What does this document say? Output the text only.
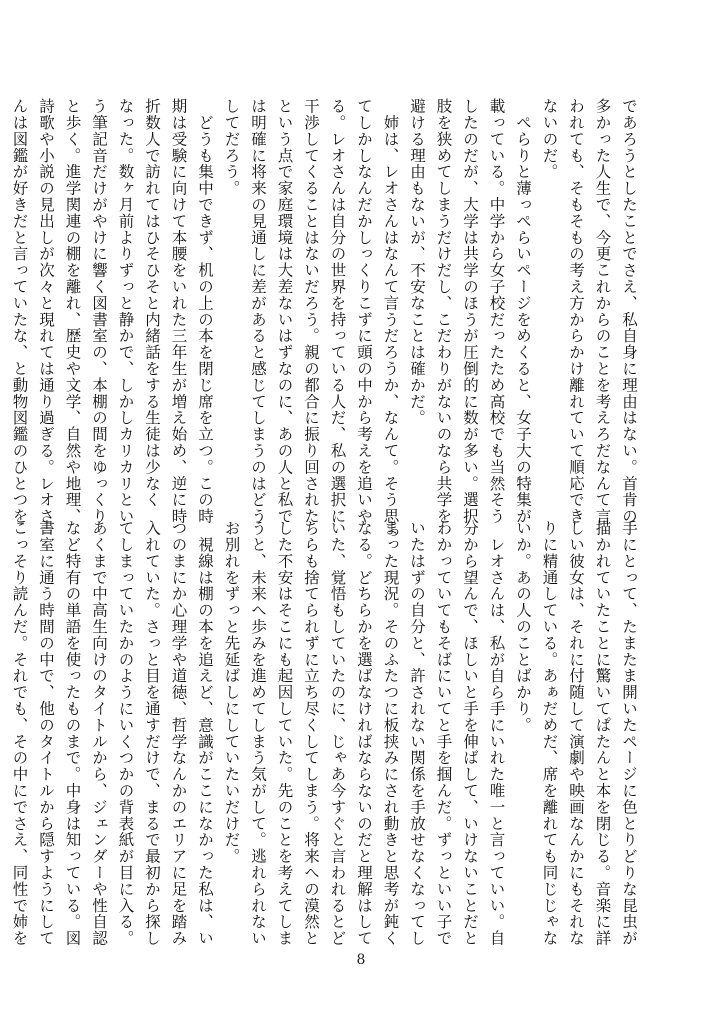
であろうとしたことでさえ、私自身に理由はない。首肯の
多かった人生で、今更これからのことを考えろだなんて言
われても、そもそもの考え方からかけ離れていて順応でき
ないのだ。
　ぺらりと薄っぺらいページをめくると、女子大の特集が
載っている。中学から女子校だったため高校でも当然そう
したのだが、大学は共学のほうが圧倒的に数が多い。選択
肢を狭めてしまうだけだし、こだわりがないのなら共学を
避ける理由もないが、不安なことは確かだ。
　姉は、レオさんはなんて言うだろうか、なんて。そう思っ
てしかしなんだかしっくりこずに頭の中から考えを追いや
る。レオさんは自分の世界を持っている人だ、私の選択に
干渉してくることはないだろう。親の都合に振り回された
という点で家庭環境は大差ないはずなのに、あの人と私で
は明確に将来の見通しに差があると感じてしまうのはどう
してだろう。
　どうも集中できず、机の上の本を閉じ席を立つ。この時
期は受験に向けて本腰をいれた三年生が増え始め、逆に時
折数人で訪れてはひそひそと内緒話をする生徒は少なく
なった。数ヶ月前よりずっと静かで、しかしカリカリとい
う筆記音だけがやけに響く図書室の、本棚の間をゆっくり
と歩く。進学関連の棚を離れ、歴史や文学、自然や地理、
詩歌や小説の見出しが次々と現れては通り過ぎる。レオさ
んは図鑑が好きだと言っていたな、と動物図鑑のひとつを
手にとって、たまたま開いたページに色とりどりな昆虫が
描かれていたことに驚いてぱたんと本を閉じる。音楽に詳
しい彼女は、それに付随して演劇や映画なんかにもそれな
りに精通している。あぁだめだ、席を離れても同じじゃな
いか。あの人のことばかり。
　レオさんは、私が自ら手にいれた唯一と言っていい。自
分から望んで、ほしいと手を伸ばして、いけないことだと
わかっていてもそばにいてと手を掴んだ。ずっといい子で
いたはずの自分と、許されない関係を手放せなくなってし
まった現況。そのふたつに板挟みにされ動きと思考が鈍く
なる。どちらかを選ばなければならないのだと理解はして
いた、覚悟もしていたのに、じゃあ今すぐと言われるとど
ちらも捨てられずに立ち尽くしてしまう。将来への漠然と
した不安はそこにも起因していた。先のことを考えてしま
うと、未来へ歩みを進めてしまう気がして。逃れられない
お別れをずっと先延ばしにしていたいだけだ。
　視線は棚の本を追えど、意識がここになかった私は、い
つのまにか心理学や道徳、哲学なんかのエリアに足を踏み
入れていた。さっと目を通すだけで、まるで最初から探し
てしまっていたかのようにいくつかの背表紙が目に入る。
あくまで中高生向けのタイトルから、ジェンダーや性自認
など特有の単語を使ったものまで。中身は知っている。図
書室に通う時間の中で、他のタイトルから隠すようにして
こっそり読んだ。それでも、その中にでさえ、同性で姉を
8
